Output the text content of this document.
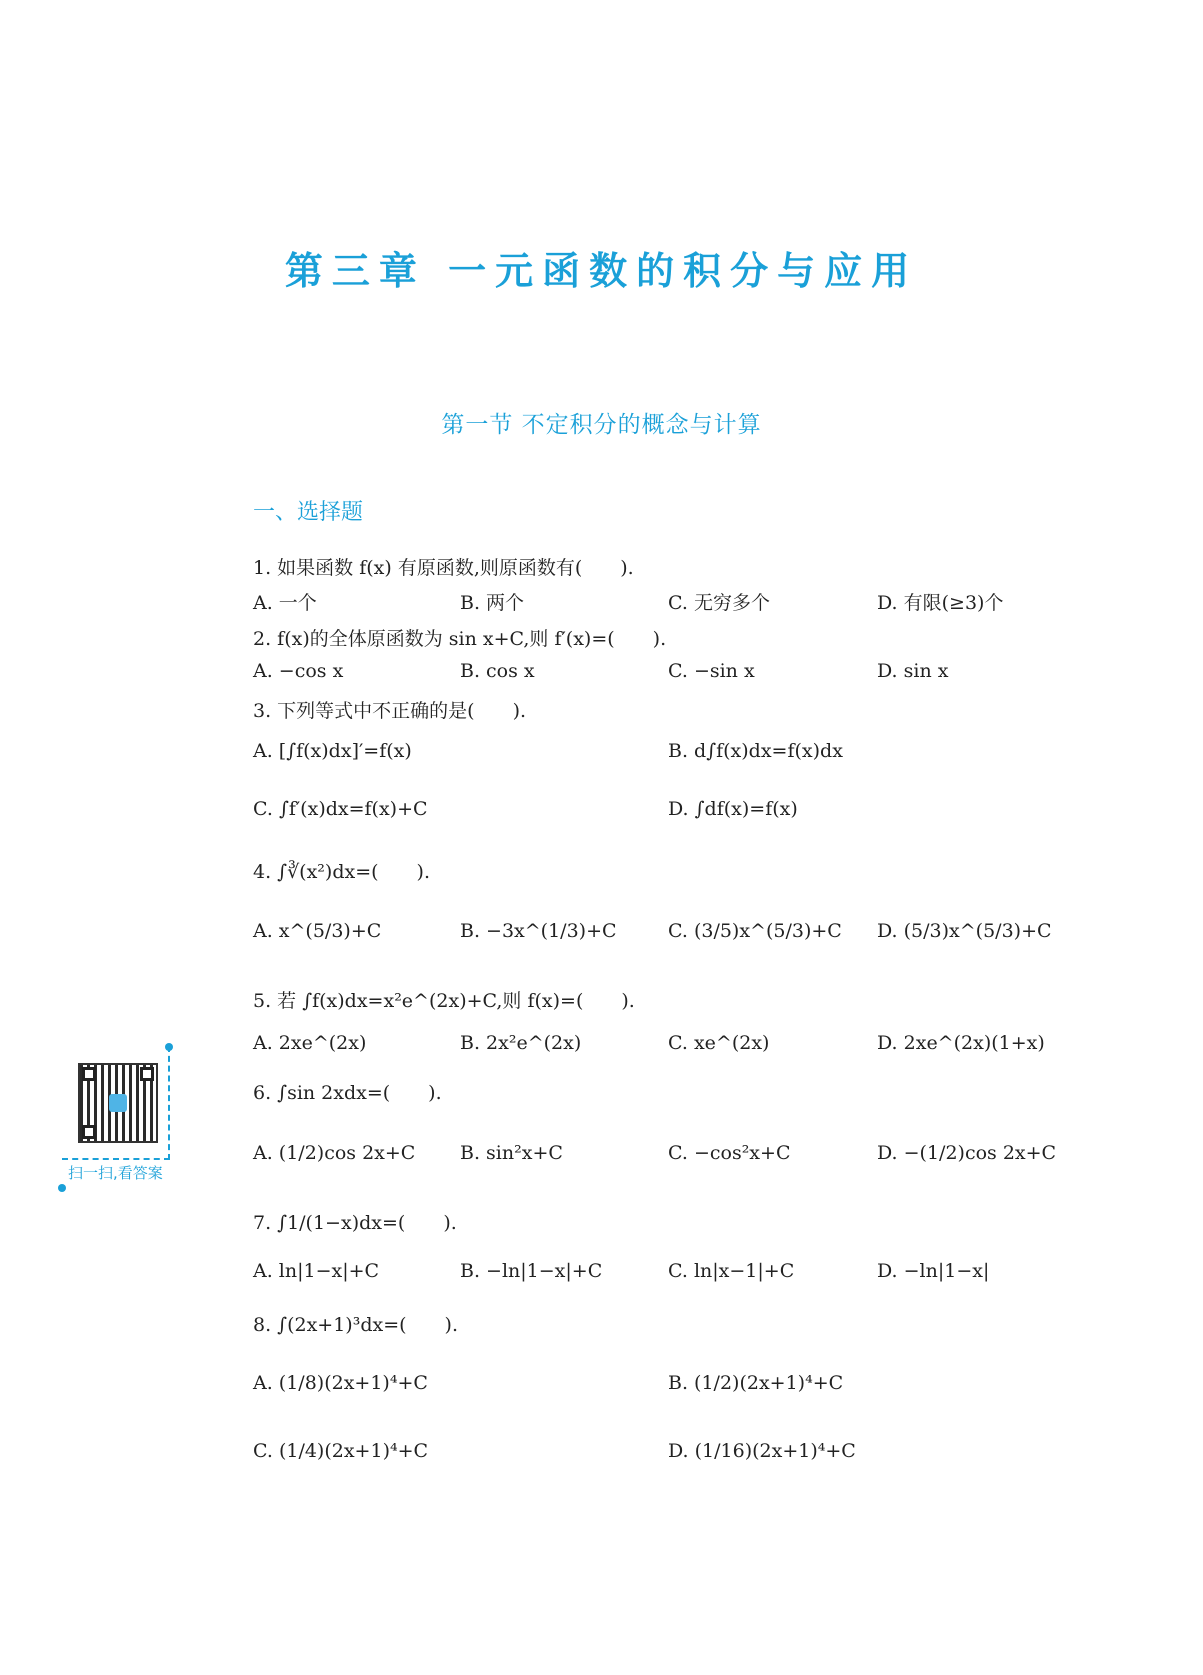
第三章 一元函数的积分与应用
第一节 不定积分的概念与计算
一、选择题
1. 如果函数 f(x) 有原函数,则原函数有(　　).
A. 一个	B. 两个	C. 无穷多个	D. 有限(≥3)个
2. f(x)的全体原函数为 sin x+C,则 f′(x)=(　　).
A. −cos x	B. cos x	C. −sin x	D. sin x
3. 下列等式中不正确的是(　　).
A. [∫f(x)dx]′=f(x)	B. d∫f(x)dx=f(x)dx
C. ∫f′(x)dx=f(x)+C	D. ∫df(x)=f(x)
4. ∫∛(x²)dx=(　　).
A. x^(5/3)+C	B. −3x^(1/3)+C	C. (3/5)x^(5/3)+C D. (5/3)x^(5/3)+C
5. 若 ∫f(x)dx=x²e^(2x)+C,则 f(x)=(　　).
A. 2xe^(2x)	B. 2x²e^(2x)	C. xe^(2x)	D. 2xe^(2x)(1+x)
6. ∫sin 2xdx=(　　).
A. (1/2)cos 2x+C B. sin²x+C	C. −cos²x+C	D. −(1/2)cos 2x+C
7. ∫1/(1−x)dx=(　　).
A. ln|1−x|+C	B. −ln|1−x|+C	C. ln|x−1|+C	D. −ln|1−x|
8. ∫(2x+1)³dx=(　　).
A. (1/8)(2x+1)⁴+C	B. (1/2)(2x+1)⁴+C
C. (1/4)(2x+1)⁴+C	D. (1/16)(2x+1)⁴+C
扫一扫,看答案
